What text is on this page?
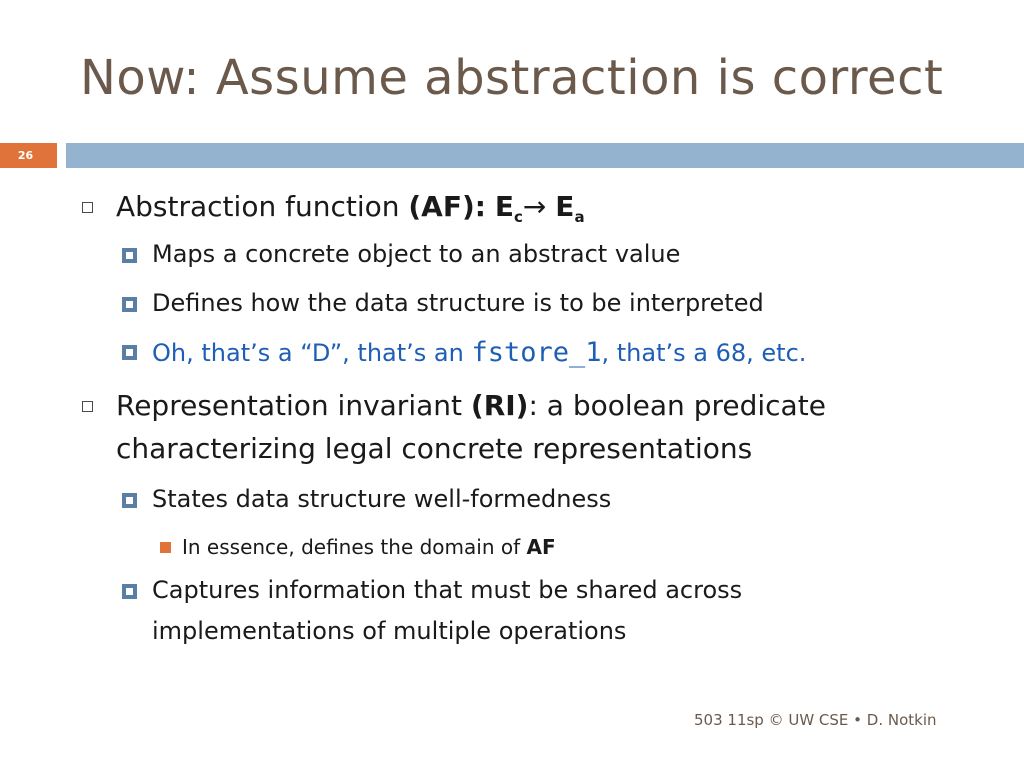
Now: Assume abstraction is correct
26
Abstraction function (AF): $E_c\to E_a$
Maps a concrete object to an abstract value
Defines how the data structure is to be interpreted
Oh, that’s a “D”, that’s an fstore_1, that’s a 68, etc.
Representation invariant (RI): a boolean predicate
characterizing legal concrete representations
States data structure well-formedness
In essence, defines the domain of AF
Captures information that must be shared across
implementations of multiple operations
503 11sp © UW CSE • D. Notkin
